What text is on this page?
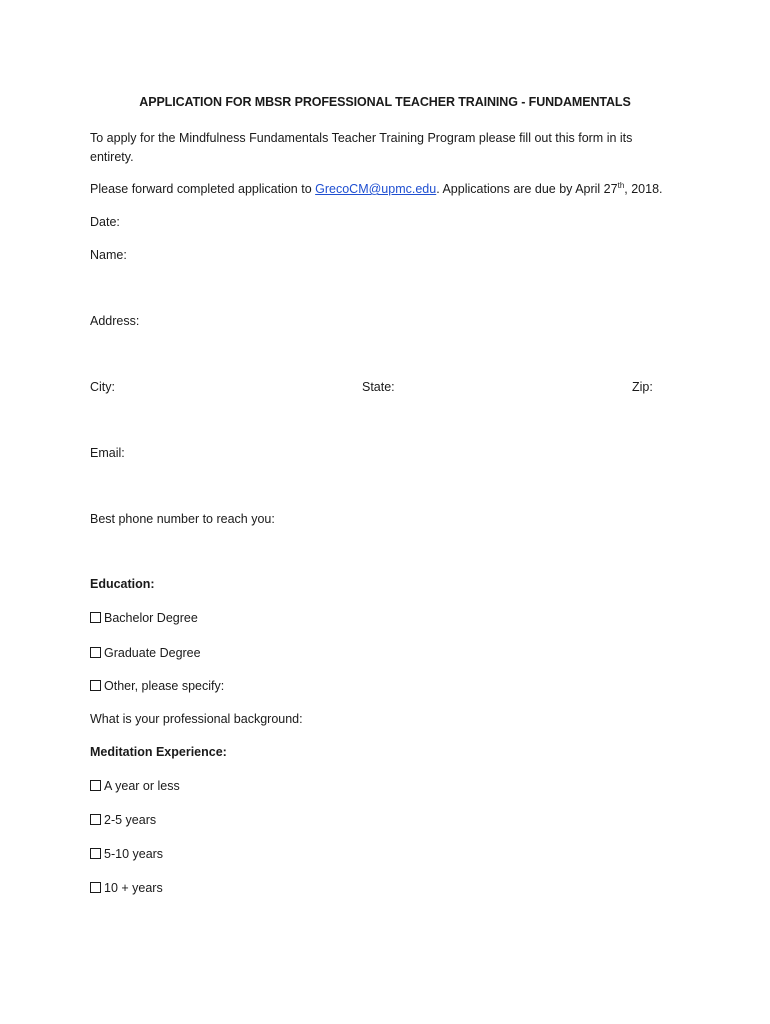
APPLICATION FOR MBSR PROFESSIONAL TEACHER TRAINING - FUNDAMENTALS
To apply for the Mindfulness Fundamentals Teacher Training Program please fill out this form in its entirety.
Please forward completed application to GrecoCM@upmc.edu. Applications are due by April 27th, 2018.
Date:
Name:
Address:
City:	State:	Zip:
Email:
Best phone number to reach you:
Education:
Bachelor Degree
Graduate Degree
Other, please specify:
What is your professional background:
Meditation Experience:
A year or less
2-5 years
5-10 years
10 + years
